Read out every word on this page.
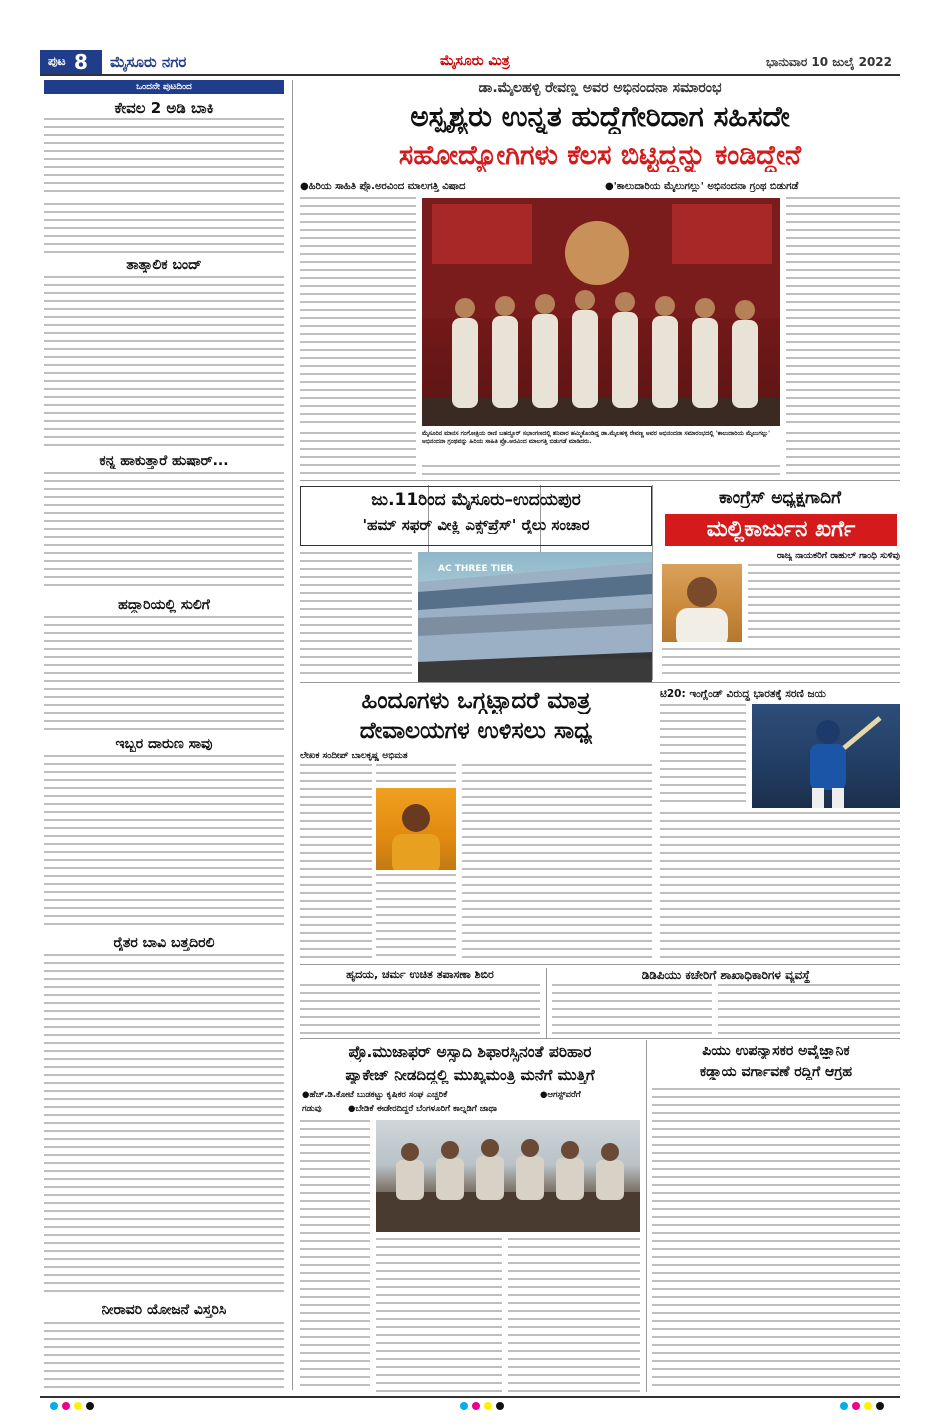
ಪುಟ 8 ಮೈಸೂರು ನಗರ	ಮೈಸೂರು ಮಿತ್ರ	ಭಾನುವಾರ 10 ಜುಲೈ 2022
ಒಂದನೇ ಪುಟದಿಂದ
ಕೇವಲ 2 ಅಡಿ ಬಾಕಿ
ತಾತ್ಕಾಲಿಕ ಬಂದ್
ಕನ್ನ ಹಾಕುತ್ತಾರೆ ಹುಷಾರ್...
ಹದ್ದಾರಿಯಲ್ಲಿ ಸುಲಿಗೆ
ಇಬ್ಬರ ದಾರುಣ ಸಾವು
ರೈತರ ಬಾವಿ ಬತ್ತದಿರಲಿ
ನೀರಾವರಿ ಯೋಜನೆ ವಿಸ್ತರಿಸಿ
ಡಾ.ಮೈಲಹಳ್ಳಿ ರೇವಣ್ಣ ಅವರ ಅಭಿನಂದನಾ ಸಮಾರಂಭ
ಅಸ್ಪೃಶ್ಯರು ಉನ್ನತ ಹುದ್ದೆಗೇರಿದಾಗ ಸಹಿಸದೇ
ಸಹೋದ್ಯೋಗಿಗಳು ಕೆಲಸ ಬಿಟ್ಟಿದ್ದನ್ನು ಕಂಡಿದ್ದೇನೆ
●ಹಿರಿಯ ಸಾಹಿತಿ ಪ್ರೊ.ಅರವಿಂದ ಮಾಲಗತ್ತಿ ವಿಷಾದ	●'ಕಾಲುದಾರಿಯ ಮೈಲುಗಲ್ಲು' ಅಭಿನಂದನಾ ಗ್ರಂಥ ಬಿಡುಗಡೆ
ಮೈಸೂರಿನ ಮಾನಸ ಗಂಗೋತ್ರಿಯ ರಾಣಿ ಬಹದ್ದೂರ್ ಸಭಾಂಗಣದಲ್ಲಿ ಶನಿವಾರ ಹಮ್ಮಿಕೊಂಡಿದ್ದ ಡಾ.ಮೈಲಹಳ್ಳಿ ರೇವಣ್ಣ ಅವರ ಅಭಿನಂದನಾ ಸಮಾರಂಭದಲ್ಲಿ 'ಕಾಲುದಾರಿಯ ಮೈಲುಗಲ್ಲು' ಅಭಿನಂದನಾ ಗ್ರಂಥವನ್ನು ಹಿರಿಯ ಸಾಹಿತಿ ಪ್ರೊ.ಅರವಿಂದ ಮಾಲಗತ್ತಿ ಬಿಡುಗಡೆ ಮಾಡಿದರು.
ಜು.11ರಿಂದ ಮೈಸೂರು–ಉದಯಪುರ
'ಹಮ್ ಸಫರ್ ವೀಕ್ಲಿ ಎಕ್ಸ್‌ಪ್ರೆಸ್' ರೈಲು ಸಂಚಾರ
AC THREE TIER
ಕಾಂಗ್ರೆಸ್ ಅಧ್ಯಕ್ಷಗಾದಿಗೆ
ಮಲ್ಲಿಕಾರ್ಜುನ ಖರ್ಗೆ
ರಾಜ್ಯ ನಾಯಕರಿಗೆ ರಾಹುಲ್ ಗಾಂಧಿ ಸುಳಿವು
ಹಿಂದೂಗಳು ಒಗ್ಗಟ್ಟಾದರೆ ಮಾತ್ರ
ದೇವಾಲಯಗಳ ಉಳಿಸಲು ಸಾಧ್ಯ
ಲೇಖಕ ಸಂದೀಪ್ ಬಾಲಕೃಷ್ಣ ಅಭಿಮತ
ಟಿ20: ಇಂಗ್ಲೆಂಡ್ ವಿರುದ್ಧ ಭಾರತಕ್ಕೆ ಸರಣಿ ಜಯ
ಹೃದಯ, ಚರ್ಮ ಉಚಿತ ತಪಾಸಣಾ ಶಿಬಿರ	ಡಿಡಿಪಿಯು ಕಚೇರಿಗೆ ಶಾಖಾಧಿಕಾರಿಗಳ ವ್ಯವಸ್ಥೆ
ಪ್ರೊ.ಮುಜಾಫರ್ ಅಸ್ಸಾದಿ ಶಿಫಾರಸ್ಸಿನಂತೆ ಪರಿಹಾರ
ಪ್ಯಾಕೇಜ್ ನೀಡದಿದ್ದಲ್ಲಿ ಮುಖ್ಯಮಂತ್ರಿ ಮನೆಗೆ ಮುತ್ತಿಗೆ
●ಹೆಚ್.ಡಿ.ಕೋಟೆ ಬುಡಕಟ್ಟು ಕೃಷಿಕರ ಸಂಘ ಎಚ್ಚರಿಕೆ	●ಆಗಸ್ಟ್‌ವರೆಗೆ
ಗಡುವು	●ಬೇಡಿಕೆ ಈಡೇರದಿದ್ದರೆ ಬೆಂಗಳೂರಿಗೆ ಕಾಲ್ನಡಿಗೆ ಜಾಥಾ
ಪಿಯು ಉಪನ್ಯಾಸಕರ ಅವೈಜ್ಞಾನಿಕ
ಕಡ್ಡಾಯ ವರ್ಗಾವಣೆ ರದ್ದಿಗೆ ಆಗ್ರಹ
